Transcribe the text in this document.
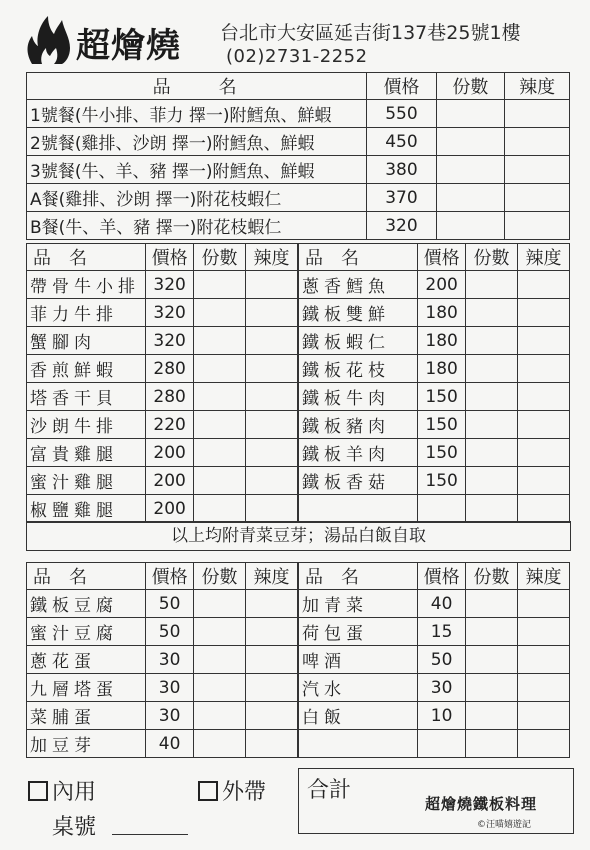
超燴燒 台北市大安區延吉街137巷25號1樓
(02)2731-2252
品　　名	價格	份數	辣度
1號餐(牛小排、菲力 擇一)附鱈魚、鮮蝦	550		
2號餐(雞排、沙朗 擇一)附鱈魚、鮮蝦	450		
3號餐(牛、羊、豬 擇一)附鱈魚、鮮蝦	380		
A餐(雞排、沙朗 擇一)附花枝蝦仁	370		
B餐(牛、羊、豬 擇一)附花枝蝦仁	320		
品名	價格	份數	辣度	品名	價格	份數	辣度
帶骨牛小排	320			蔥香鱈魚	200		
菲力牛排	320			鐵板雙鮮	180		
蟹腳肉	320			鐵板蝦仁	180		
香煎鮮蝦	280			鐵板花枝	180		
塔香干貝	280			鐵板牛肉	150		
沙朗牛排	220			鐵板豬肉	150		
富貴雞腿	200			鐵板羊肉	150		
蜜汁雞腿	200			鐵板香菇	150		
椒鹽雞腿	200						
以上均附青菜豆芽；湯品白飯自取
品名	價格	份數	辣度	品名	價格	份數	辣度
鐵板豆腐	50			加青菜	40		
蜜汁豆腐	50			荷包蛋	15		
蔥花蛋	30			啤酒	50		
九層塔蛋	30			汽水	30		
菜脯蛋	30			白飯	10		
加豆芽	40						
內用	外帶
桌號
合計
超燴燒鐵板料理
©汪喵嬉遊記
